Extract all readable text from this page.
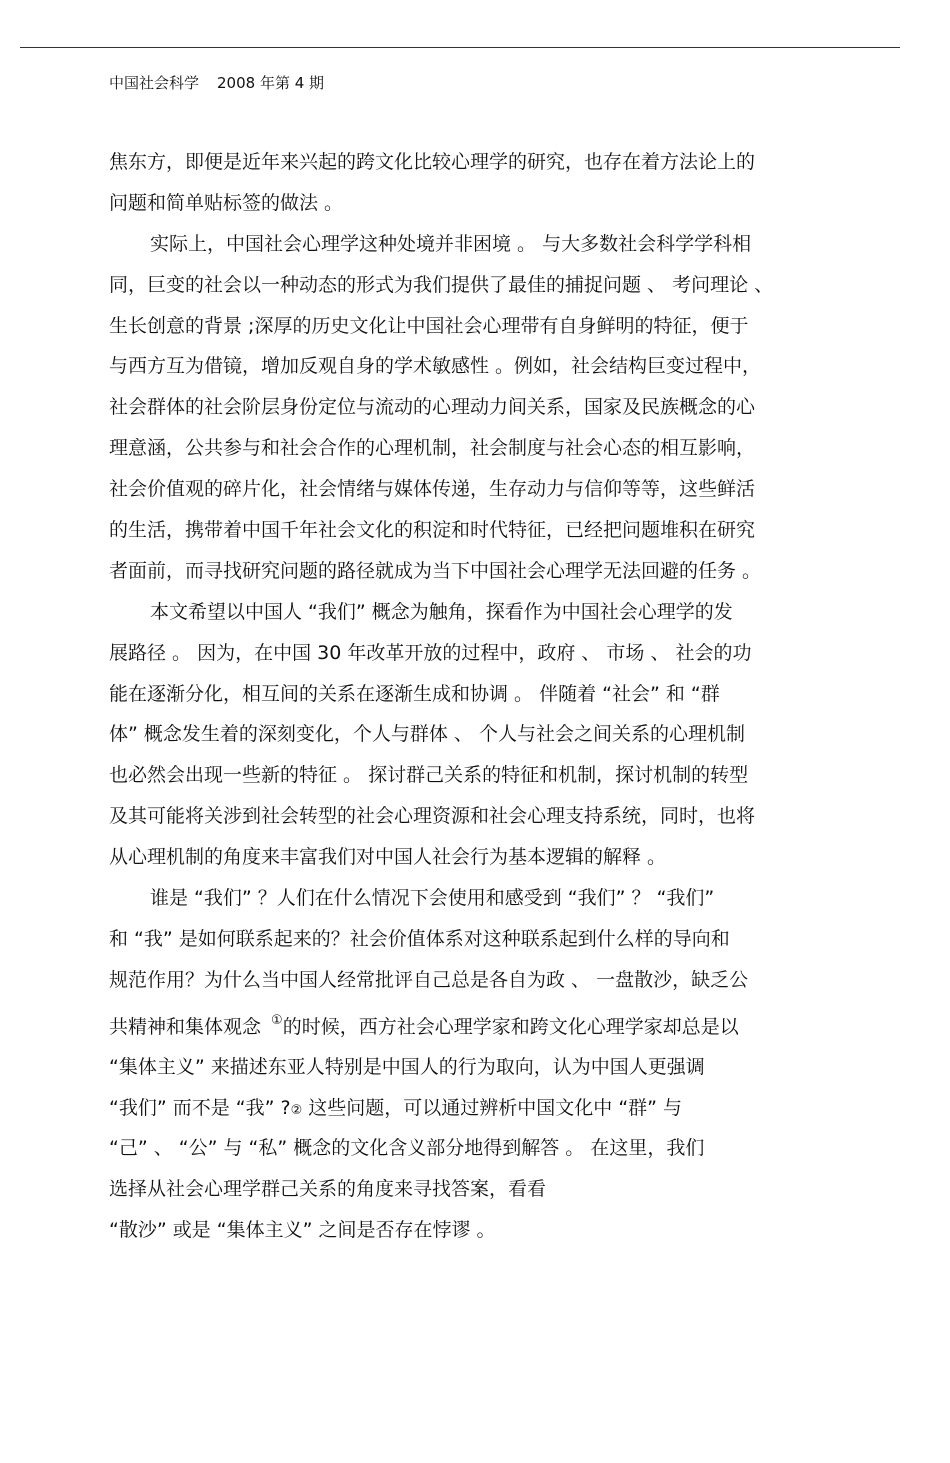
中国社会科学 2008 年第 4 期
焦东方，即便是近年来兴起的跨文化比较心理学的研究，也存在着方法论上的
问题和简单贴标签的做法 。
实际上，中国社会心理学这种处境并非困境 。 与大多数社会科学学科相
同，巨变的社会以一种动态的形式为我们提供了最佳的捕捉问题 、 考问理论 、
生长创意的背景 ;深厚的历史文化让中国社会心理带有自身鲜明的特征，便于
与西方互为借镜，增加反观自身的学术敏感性 。例如，社会结构巨变过程中，
社会群体的社会阶层身份定位与流动的心理动力间关系，国家及民族概念的心
理意涵，公共参与和社会合作的心理机制，社会制度与社会心态的相互影响，
社会价值观的碎片化，社会情绪与媒体传递，生存动力与信仰等等，这些鲜活
的生活，携带着中国千年社会文化的积淀和时代特征，已经把问题堆积在研究
者面前，而寻找研究问题的路径就成为当下中国社会心理学无法回避的任务 。
本文希望以中国人 “我们” 概念为触角，探看作为中国社会心理学的发
展路径 。 因为，在中国 30 年改革开放的过程中，政府 、 市场 、 社会的功
能在逐渐分化，相互间的关系在逐渐生成和协调 。 伴随着 “社会” 和 “群
体” 概念发生着的深刻变化，个人与群体 、 个人与社会之间关系的心理机制
也必然会出现一些新的特征 。 探讨群己关系的特征和机制，探讨机制的转型
及其可能将关涉到社会转型的社会心理资源和社会心理支持系统，同时，也将
从心理机制的角度来丰富我们对中国人社会行为基本逻辑的解释 。
谁是 “我们” ？人们在什么情况下会使用和感受到 “我们” ？ “我们”
和 “我” 是如何联系起来的？社会价值体系对这种联系起到什么样的导向和
规范作用？为什么当中国人经常批评自己总是各自为政 、 一盘散沙，缺乏公
共精神和集体观念 ①的时候，西方社会心理学家和跨文化心理学家却总是以
“集体主义” 来描述东亚人特别是中国人的行为取向，认为中国人更强调
“我们” 而不是 “我” ?② 这些问题，可以通过辨析中国文化中 “群” 与
“己” 、 “公” 与 “私” 概念的文化含义部分地得到解答 。 在这里，我们
选择从社会心理学群己关系的角度来寻找答案，看看
“散沙” 或是 “集体主义” 之间是否存在悖谬 。
